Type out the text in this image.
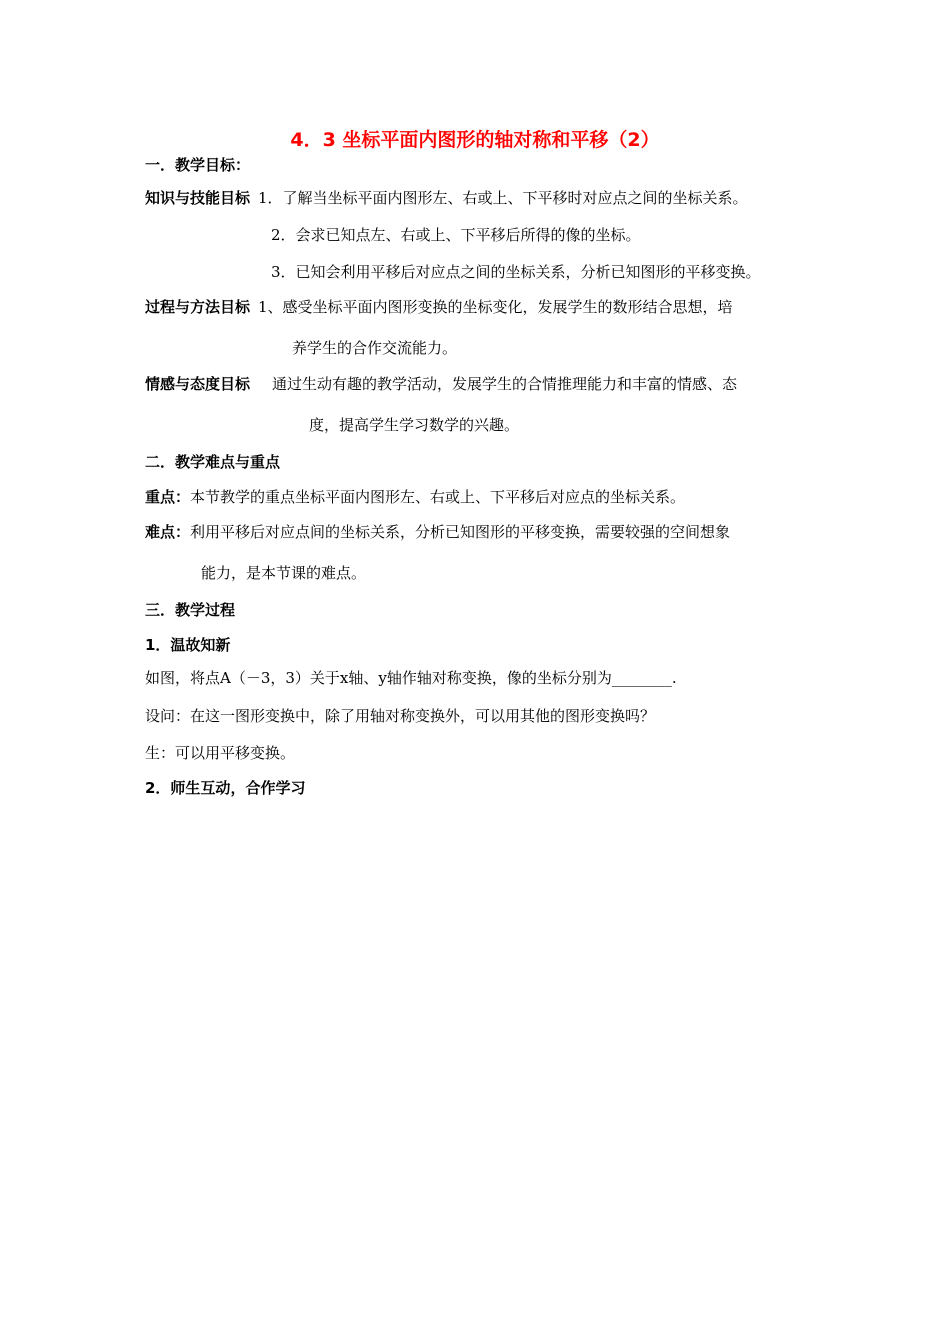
4．3 坐标平面内图形的轴对称和平移（2）
一．教学目标：
知识与技能目标 1．了解当坐标平面内图形左、右或上、下平移时对应点之间的坐标关系。
2．会求已知点左、右或上、下平移后所得的像的坐标。
3．已知会利用平移后对应点之间的坐标关系，分析已知图形的平移变换。
过程与方法目标 1、感受坐标平面内图形变换的坐标变化，发展学生的数形结合思想，培
养学生的合作交流能力。
情感与态度目标 通过生动有趣的教学活动，发展学生的合情推理能力和丰富的情感、态
度，提高学生学习数学的兴趣。
二．教学难点与重点
重点：本节教学的重点坐标平面内图形左、右或上、下平移后对应点的坐标关系。
难点：利用平移后对应点间的坐标关系，分析已知图形的平移变换，需要较强的空间想象
能力，是本节课的难点。
三．教学过程
1．温故知新
如图，将点A（－3，3）关于x轴、y轴作轴对称变换，像的坐标分别为________.
设问：在这一图形变换中，除了用轴对称变换外，可以用其他的图形变换吗？
生：可以用平移变换。
2．师生互动，合作学习
